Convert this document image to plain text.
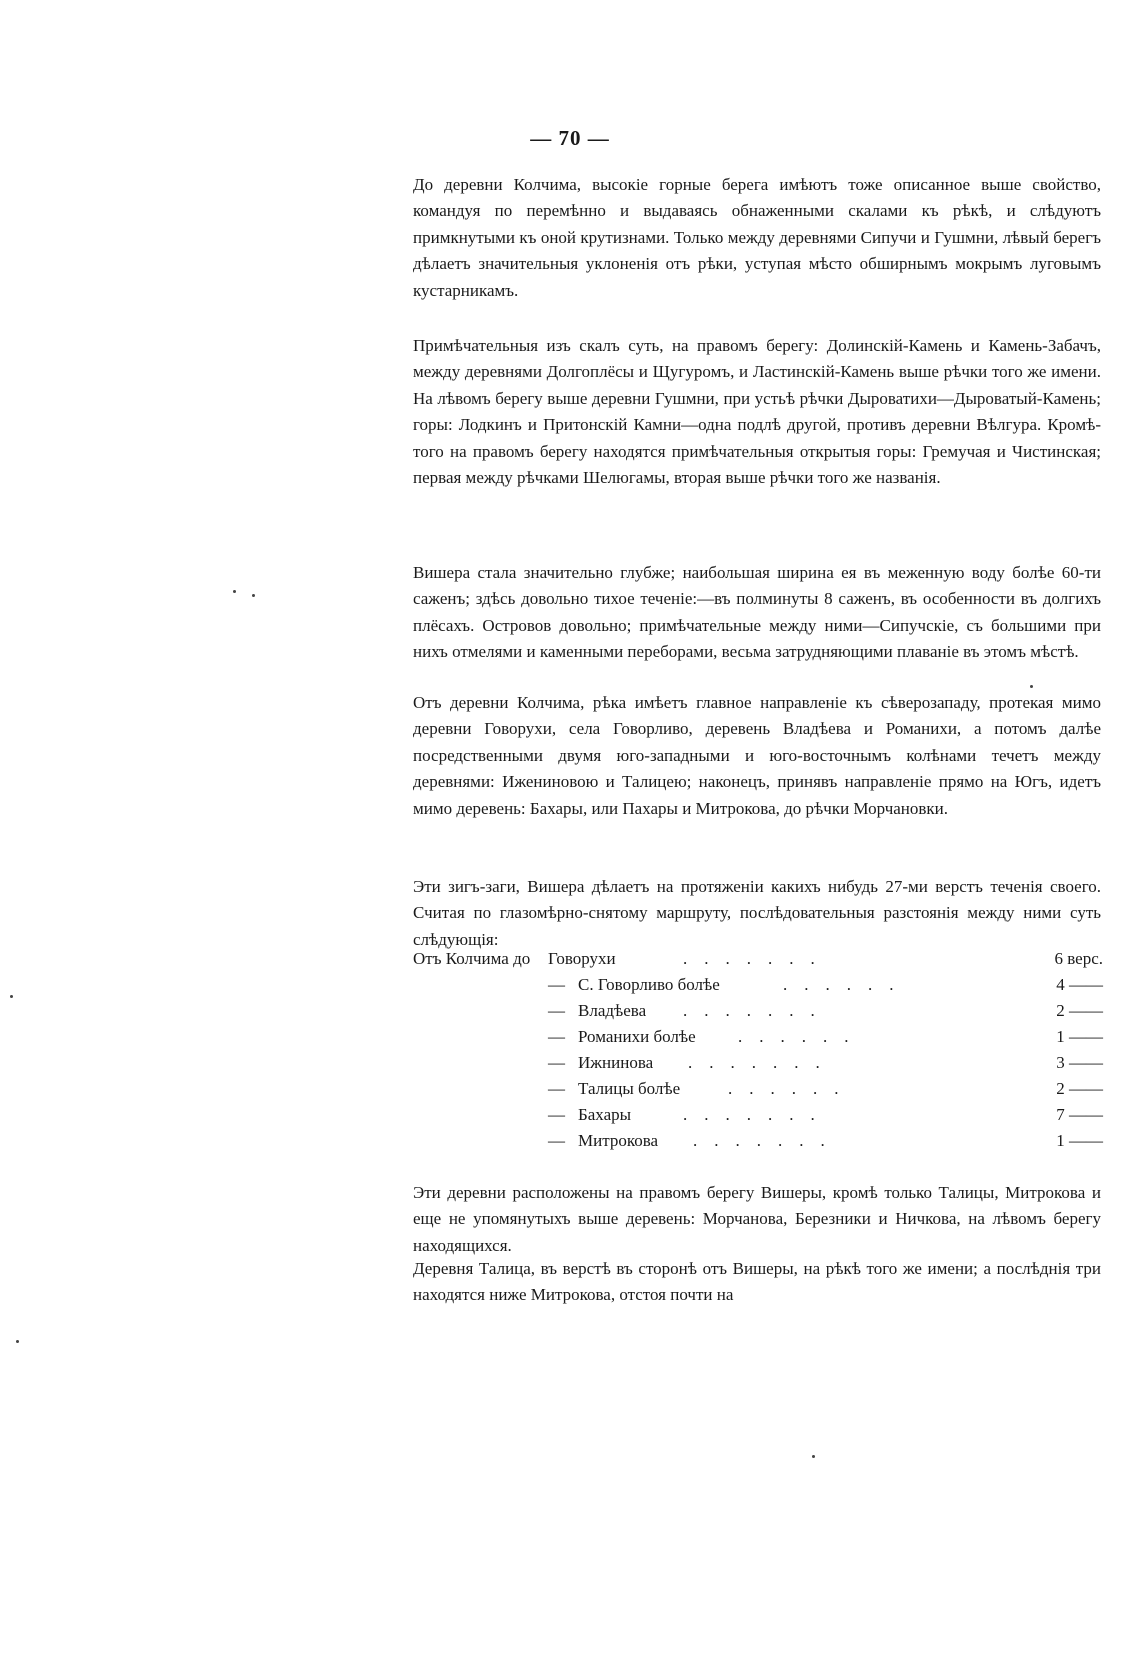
— 70 —
До деревни Колчима, высокіе горные берега имѣютъ тоже описанное выше свойство, командуя по перемѣнно и выдаваясь обнаженными скалами къ рѣкѣ, и слѣдуютъ примкнутыми къ оной крутизнами. Только между деревнями Сипучи и Гушмни, лѣвый берегъ дѣлаетъ значительныя уклоненія отъ рѣки, уступая мѣсто обширнымъ мокрымъ луговымъ кустарникамъ.
Примѣчательныя изъ скалъ суть, на правомъ берегу: Долинскій-Камень и Камень-Забачъ, между деревнями Долгоплёсы и Щугуромъ, и Ластинскій-Камень выше рѣчки того же имени. На лѣвомъ берегу выше деревни Гушмни, при устьѣ рѣчки Дыроватихи—Дыроватый-Камень; горы: Лодкинъ и Притонскій Камни—одна подлѣ другой, противъ деревни Вѣлгура. Кромѣ-того на правомъ берегу находятся примѣчательныя открытыя горы: Гремучая и Чистинская; первая между рѣчками Шелюгамы, вторая выше рѣчки того же названія.
Вишера стала значительно глубже; наибольшая ширина ея въ меженную воду болѣе 60-ти саженъ; здѣсь довольно тихое теченіе:—въ полминуты 8 саженъ, въ особенности въ долгихъ плёсахъ. Островов довольно; примѣчательные между ними—Сипучскіе, съ большими при нихъ отмелями и каменными переборами, весьма затрудняющими плаваніе въ этомъ мѣстѣ.
Отъ деревни Колчима, рѣка имѣетъ главное направленіе къ сѣверозападу, протекая мимо деревни Говорухи, села Говорливо, деревень Владѣева и Романихи, а потомъ далѣе посредственными двумя юго-западными и юго-восточнымъ колѣнами течетъ между деревнями: Ижениновою и Талицею; наконецъ, принявъ направленіе прямо на Югъ, идетъ мимо деревень: Бахары, или Пахары и Митрокова, до рѣчки Морчановки.
Эти зигъ-заги, Вишера дѣлаетъ на протяженіи какихъ нибудь 27-ми верстъ теченія своего. Считая по глазомѣрно-снятому маршруту, послѣдовательныя разстоянія между ними суть слѣдующія:
Отъ Колчима до Говорухи	.......	6 верс.
— С. Говорливо болѣе	......	4 ——
— Владѣева .......	2 ——
— Романихи болѣе ......	1 ——
— Ижнинова .......	3 ——
— Талицы болѣе	......	2 ——
— Бахары	.......	7 ——
— Митрокова .......	1 ——
Эти деревни расположены на правомъ берегу Вишеры, кромѣ только Талицы, Митрокова и еще не упомянутыхъ выше деревень: Морчанова, Березники и Ничкова, на лѣвомъ берегу находящихся.
Деревня Талица, въ верстѣ въ сторонѣ отъ Вишеры, на рѣкѣ того же имени; а послѣднія три находятся ниже Митрокова, отстоя почти на
